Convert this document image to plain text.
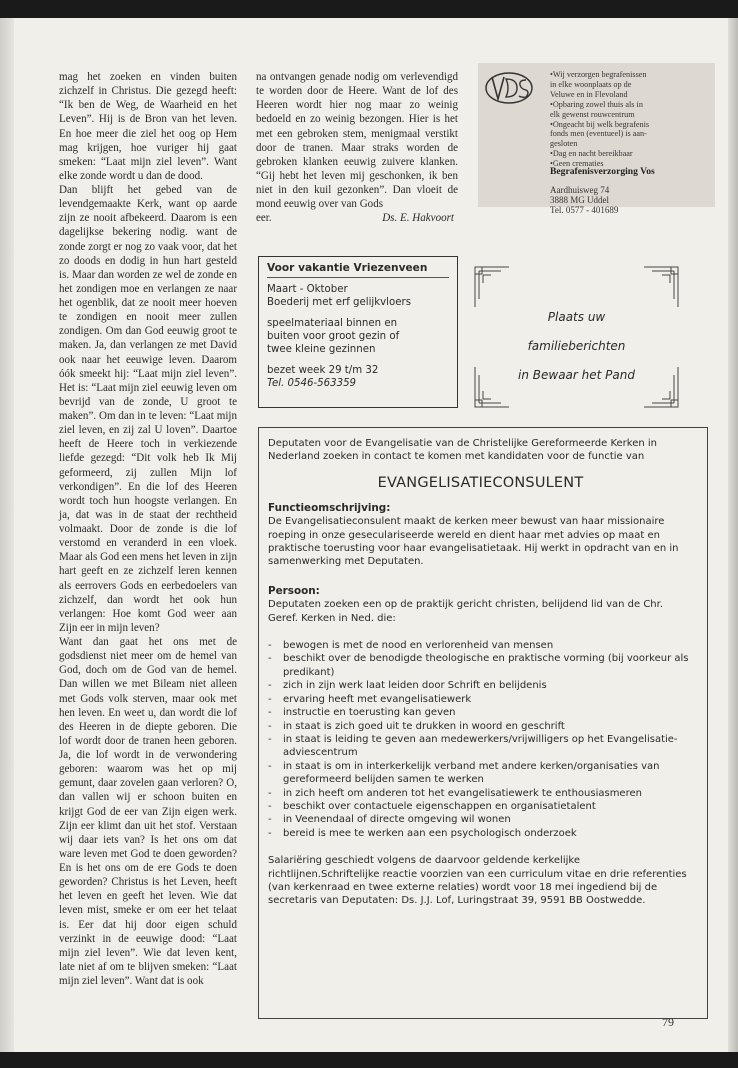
mag het zoeken en vinden buiten zichzelf in Christus. Die gezegd heeft: “Ik ben de Weg, de Waarheid en het Leven”. Hij is de Bron van het leven. En hoe meer die ziel het oog op Hem mag krijgen, hoe vuriger hij gaat smeken: “Laat mijn ziel leven”. Want elke zonde wordt u dan de dood.

Dan blijft het gebed van de levendgemaakte Kerk, want op aarde zijn ze nooit afbekeerd. Daarom is een dagelijkse bekering nodig. want de zonde zorgt er nog zo vaak voor, dat het zo doods en dodig in hun hart gesteld is. Maar dan worden ze wel de zonde en het zondigen moe en verlangen ze naar het ogenblik, dat ze nooit meer hoeven te zondigen en nooit meer zullen zondigen. Om dan God eeuwig groot te maken. Ja, dan verlangen ze met David ook naar het eeuwige leven. Daarom óók smeekt hij: “Laat mijn ziel leven”. Het is: “Laat mijn ziel eeuwig leven om bevrijd van de zonde, U groot te maken”. Om dan in te leven: “Laat mijn ziel leven, en zij zal U loven”. Daartoe heeft de Heere toch in verkiezende liefde gezegd: “Dit volk heb Ik Mij geformeerd, zij zullen Mijn lof verkondigen”. En die lof des Heeren wordt toch hun hoogste verlangen. En ja, dat was in de staat der rechtheid volmaakt. Door de zonde is die lof verstomd en veranderd in een vloek. Maar als God een mens het leven in zijn hart geeft en ze zichzelf leren kennen als eerrovers Gods en eerbedoelers van zichzelf, dan wordt het ook hun verlangen: Hoe komt God weer aan Zijn eer in mijn leven?

Want dan gaat het ons met de godsdienst niet meer om de hemel van God, doch om de God van de hemel. Dan willen we met Bileam niet alleen met Gods volk sterven, maar ook met hen leven. En weet u, dan wordt die lof des Heeren in de diepte geboren. Die lof wordt door de tranen heen geboren. Ja, die lof wordt in de verwondering geboren: waarom was het op mij gemunt, daar zovelen gaan verloren? O, dan vallen wij er schoon buiten en krijgt God de eer van Zijn eigen werk. Zijn eer klimt dan uit het stof. Verstaan wij daar iets van? Is het ons om dat ware leven met God te doen geworden? En is het ons om de ere Gods te doen geworden? Christus is het Leven, heeft het leven en geeft het leven. Wie dat leven mist, smeke er om eer het telaat is. Eer dat hij door eigen schuld verzinkt in de eeuwige dood: “Laat mijn ziel leven”. Wie dat leven kent, late niet af om te blijven smeken: “Laat mijn ziel leven”. Want dat is ook

na ontvangen genade nodig om verlevendigd te worden door de Heere. Want de lof des Heeren wordt hier nog maar zo weinig bedoeld en zo weinig bezongen. Hier is het met een gebroken stem, menigmaal verstikt door de tranen. Maar straks worden de gebroken klanken eeuwig zuivere klanken. “Gij hebt het leven mij geschonken, ik ben niet in den kuil gezonken”. Dan vloeit de mond eeuwig over van Gods

eer.	Ds. E. Hakvoort
•Wij verzorgen begrafenissen
in elke woonplaats op de
Veluwe en in Flevoland
•Opbaring zowel thuis als in
elk gewenst rouwcentrum
•Ongeacht bij welk begrafenis
fonds men (eventueel) is aan-
gesloten
•Dag en nacht bereikbaar
•Geen crematies
Begrafenisverzorging Vos
Aardhuisweg 74
3888 MG Uddel
Tel. 0577 - 401689
Voor vakantie Vriezenveen
Maart - Oktober
Boederij met erf gelijkvloers
speelmateriaal binnen en
buiten voor groot gezin of
twee kleine gezinnen
bezet week 29 t/m 32
Tel. 0546-563359
Plaats uw
familieberichten
in Bewaar het Pand

Deputaten voor de Evangelisatie van de Christelijke Gereformeerde Kerken in Nederland zoeken in contact te komen met kandidaten voor de functie van

EVANGELISATIECONSULENT
Functieomschrijving:

De Evangelisatieconsulent maakt de kerken meer bewust van haar missionaire roeping in onze geseculariseerde wereld en dient haar met advies op maat en praktische toerusting voor haar evangelisatietaak. Hij werkt in opdracht van en in samenwerking met Deputaten.

Persoon:

Deputaten zoeken een op de praktijk gericht christen, belijdend lid van de Chr. Geref. Kerken in Ned. die:

- bewogen is met de nood en verlorenheid van mensen
- beschikt over de benodigde theologische en praktische vorming (bij voorkeur als predikant)
- zich in zijn werk laat leiden door Schrift en belijdenis
- ervaring heeft met evangelisatiewerk
- instructie en toerusting kan geven
- in staat is zich goed uit te drukken in woord en geschrift
- in staat is leiding te geven aan medewerkers/vrijwilligers op het Evangelisatie-adviescentrum
- in staat is om in interkerkelijk verband met andere kerken/organisaties van gereformeerd belijden samen te werken
- in zich heeft om anderen tot het evangelisatiewerk te enthousiasmeren
- beschikt over contactuele eigenschappen en organisatietalent
- in Veenendaal of directe omgeving wil wonen
- bereid is mee te werken aan een psychologisch onderzoek

Salariëring geschiedt volgens de daarvoor geldende kerkelijke richtlijnen.Schriftelijke reactie voorzien van een curriculum vitae en drie referenties (van kerkenraad en twee externe relaties) wordt voor 18 mei ingediend bij de secretaris van Deputaten: Ds. J.J. Lof, Luringstraat 39, 9591 BB Oostwedde.

79
